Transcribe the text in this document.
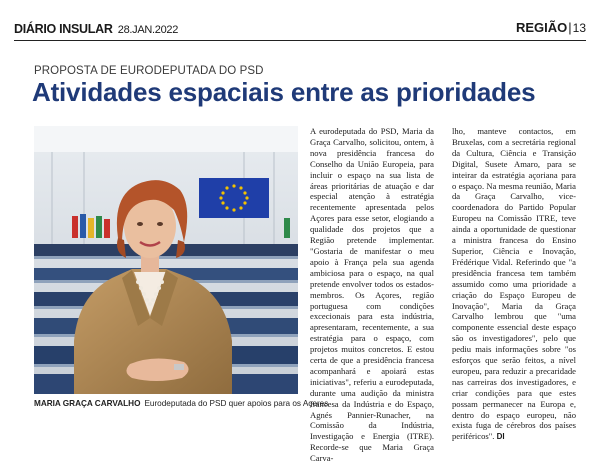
DIÁRIO INSULAR 28.JAN.2022	REGIÃO|13
PROPOSTA DE EURODEPUTADA DO PSD
Atividades espaciais entre as prioridades
MARIA GRAÇA CARVALHO Eurodeputada do PSD quer apoios para os Açores

A eurodeputada do PSD, Maria da Graça Carvalho, solicitou, ontem, à nova presidência francesa do Conselho da União Europeia, para incluir o espaço na sua lista de áreas prioritárias de atuação e dar especial atenção à estratégia recentemente apresentada pelos Açores para esse setor, elogiando a qualidade dos projetos que a Região pretende implementar. "Gostaria de manifestar o meu apoio à França pela sua agenda ambiciosa para o espaço, na qual pretende envolver todos os estados-membros. Os Açores, região portuguesa com condições excecionais para esta indústria, apresentaram, recentemente, a sua estratégia para o espaço, com projetos muitos concretos. E estou certa de que a presidência francesa acompanhará e apoiará estas iniciativas", referiu a eurodeputada, durante uma audição da ministra francesa da Indústria e do Espaço, Agnés Pannier-Runacher, na Comissão da Indústria, Investigação e Energia (ITRE). Recorde-se que Maria Graça Carva-

lho, manteve contactos, em Bruxelas, com a secretária regional da Cultura, Ciência e Transição Digital, Susete Amaro, para se inteirar da estratégia açoriana para o espaço. Na mesma reunião, Maria da Graça Carvalho, vice-coordenadora do Partido Popular Europeu na Comissão ITRE, teve ainda a oportunidade de questionar a ministra francesa do Ensino Superior, Ciência e Inovação, Frédérique Vidal. Referindo que "a presidência francesa tem também assumido como uma prioridade a criação do Espaço Europeu de Inovação", Maria da Graça Carvalho lembrou que "uma componente essencial deste espaço são os investigadores", pelo que pediu mais informações sobre "os esforços que serão feitos, a nível europeu, para reduzir a precaridade nas carreiras dos investigadores, e criar condições para que estes possam permanecer na Europa e, dentro do espaço europeu, não exista fuga de cérebros dos países periféricos". DI
